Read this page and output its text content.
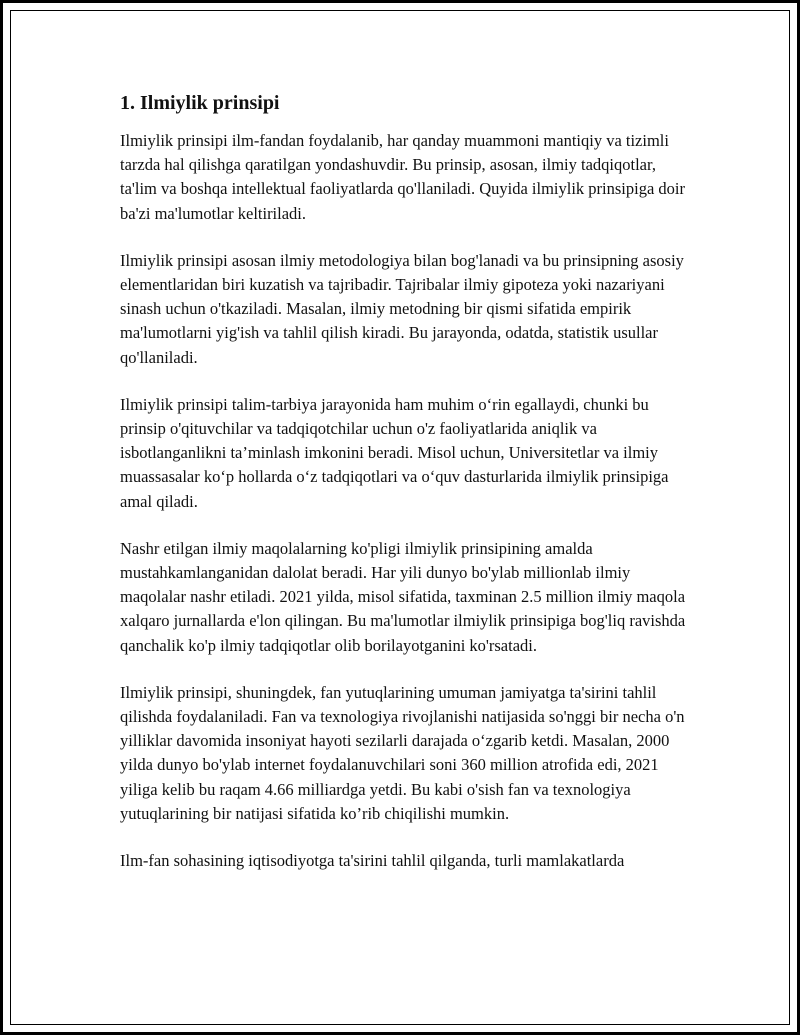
1. Ilmiylik prinsipi

Ilmiylik prinsipi ilm-fandan foydalanib, har qanday muammoni mantiqiy va tizimli tarzda hal qilishga qaratilgan yondashuvdir. Bu prinsip, asosan, ilmiy tadqiqotlar, ta'lim va boshqa intellektual faoliyatlarda qo'llaniladi. Quyida ilmiylik prinsipiga doir ba'zi ma'lumotlar keltiriladi.

Ilmiylik prinsipi asosan ilmiy metodologiya bilan bog'lanadi va bu prinsipning asosiy elementlaridan biri kuzatish va tajribadir. Tajribalar ilmiy gipoteza yoki nazariyani sinash uchun o'tkaziladi. Masalan, ilmiy metodning bir qismi sifatida empirik ma'lumotlarni yig'ish va tahlil qilish kiradi. Bu jarayonda, odatda, statistik usullar qo'llaniladi.

Ilmiylik prinsipi talim-tarbiya jarayonida ham muhim o‘rin egallaydi, chunki bu prinsip o'qituvchilar va tadqiqotchilar uchun o'z faoliyatlarida aniqlik va isbotlanganlikni ta’minlash imkonini beradi. Misol uchun, Universitetlar va ilmiy muassasalar ko‘p hollarda o‘z tadqiqotlari va o‘quv dasturlarida ilmiylik prinsipiga amal qiladi.

Nashr etilgan ilmiy maqolalarning ko'pligi ilmiylik prinsipining amalda mustahkamlanganidan dalolat beradi. Har yili dunyo bo'ylab millionlab ilmiy maqolalar nashr etiladi. 2021 yilda, misol sifatida, taxminan 2.5 million ilmiy maqola xalqaro jurnallarda e'lon qilingan. Bu ma'lumotlar ilmiylik prinsipiga bog'liq ravishda qanchalik ko'p ilmiy tadqiqotlar olib borilayotganini ko'rsatadi.

Ilmiylik prinsipi, shuningdek, fan yutuqlarining umuman jamiyatga ta'sirini tahlil qilishda foydalaniladi. Fan va texnologiya rivojlanishi natijasida so'nggi bir necha o'n yilliklar davomida insoniyat hayoti sezilarli darajada o‘zgarib ketdi. Masalan, 2000 yilda dunyo bo'ylab internet foydalanuvchilari soni 360 million atrofida edi, 2021 yiliga kelib bu raqam 4.66 milliardga yetdi. Bu kabi o'sish fan va texnologiya yutuqlarining bir natijasi sifatida ko’rib chiqilishi mumkin.

Ilm-fan sohasining iqtisodiyotga ta'sirini tahlil qilganda, turli mamlakatlarda
